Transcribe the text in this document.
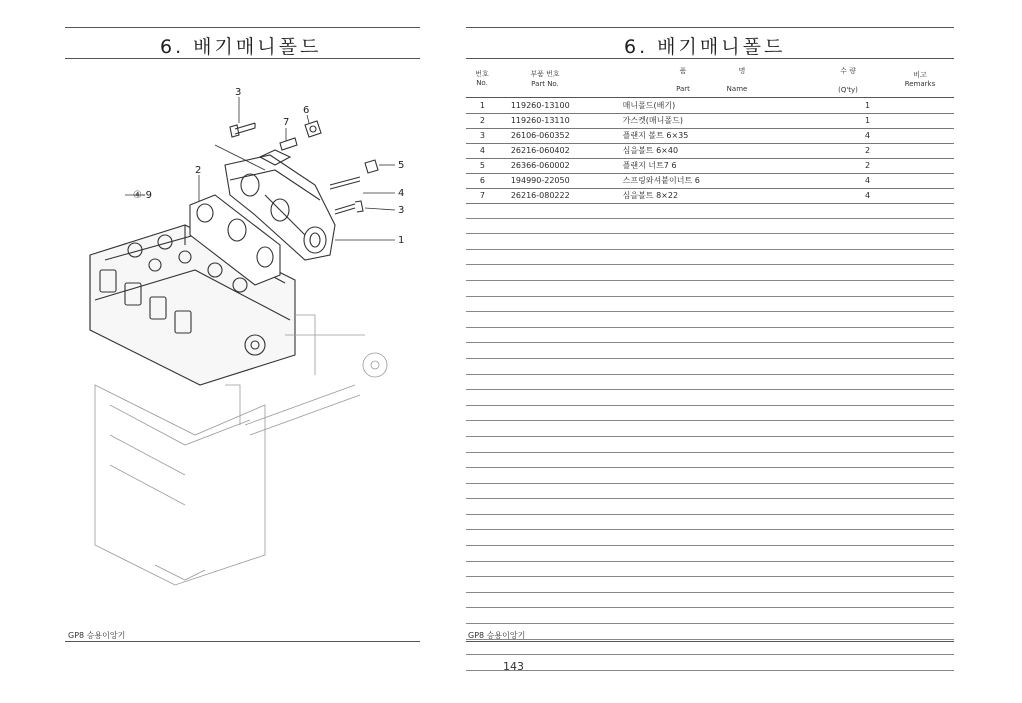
6. 배기매니폴드
3
7
6
5
4
3
1
2
④-9
GP8 승용이앙기
6. 배기매니폴드
번호
No.
부품 번호
Part No.
품	명
Part	Name
수 량
(Q'ty)
비고
Remarks
1	119260-13100	매니폴드(배기)	1	
2	119260-13110	가스켓(매니폴드)	1	
3	26106-060352	플랜지 볼트 6×35	4	
4	26216-060402	심을볼트 6×40	2	
5	26366-060002	플랜지 너트7 6	2	
6	194990-22050	스프링와셔붙이너트 6	4	
7	26216-080222	심을볼트 8×22	4	
GP8 승용이앙기
143
